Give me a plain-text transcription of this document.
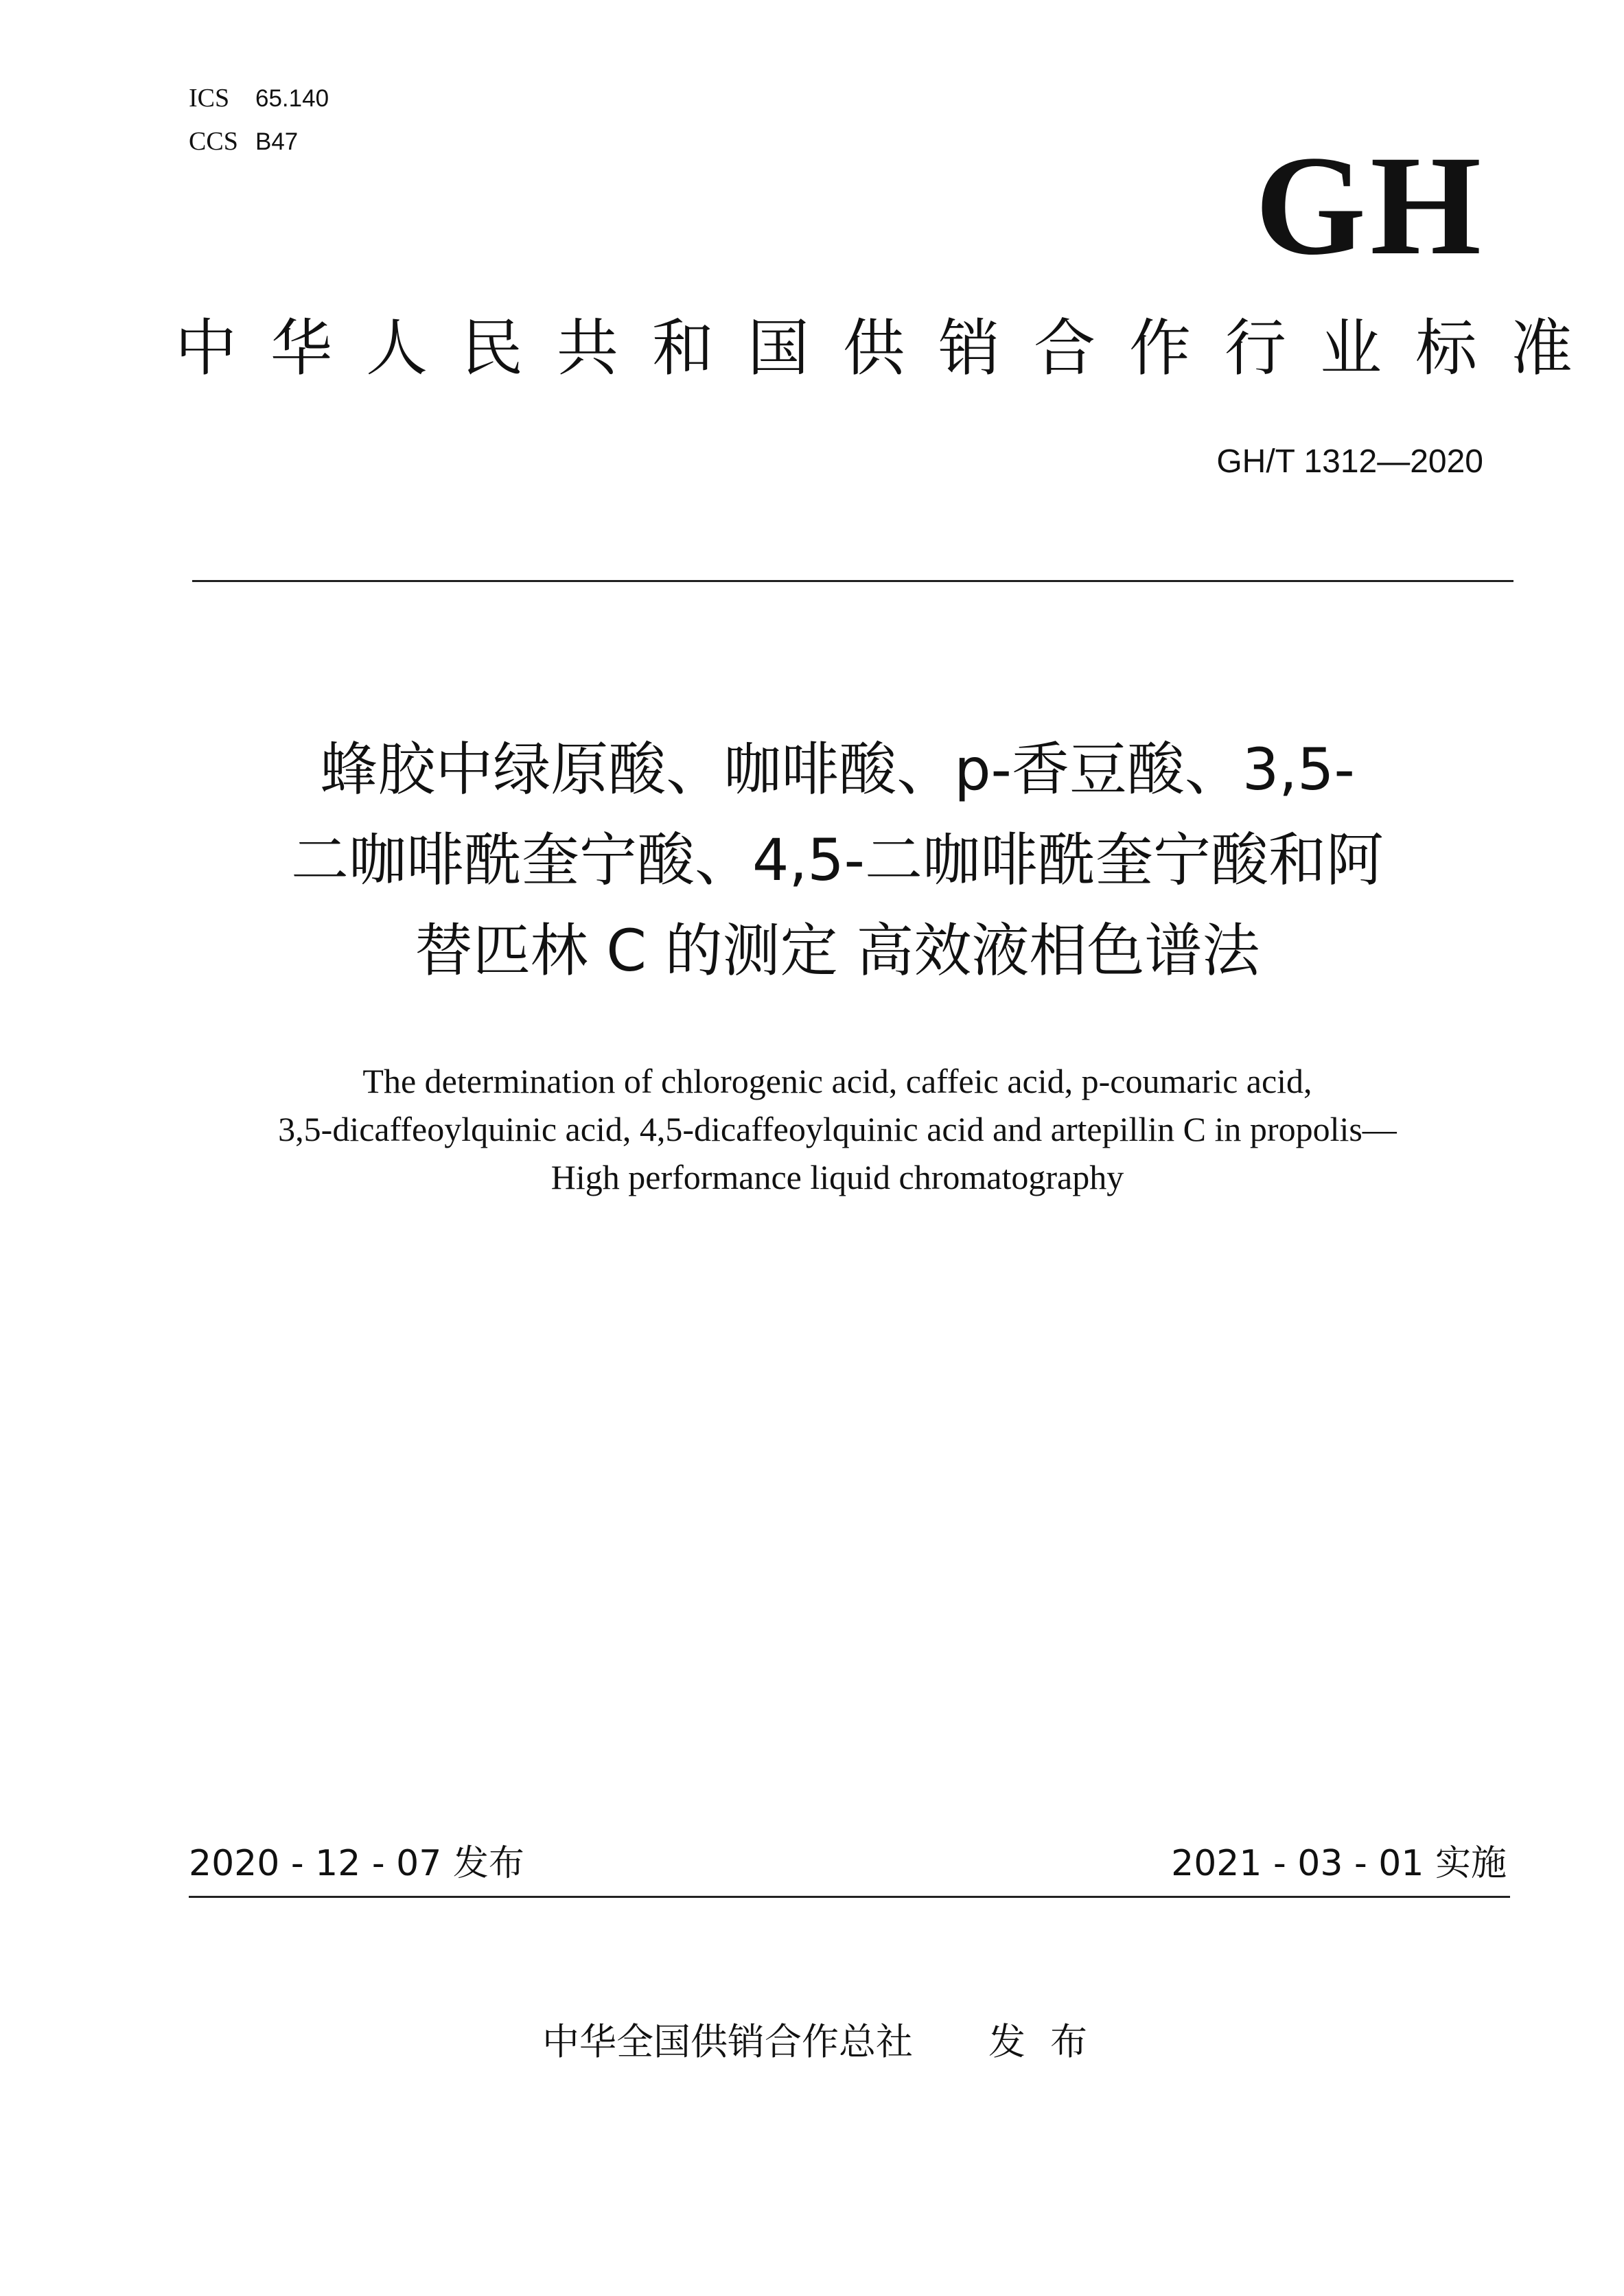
ICS	65.140
CCS B47	GH
中华人民共和国供销合作行业标准
GH/T 1312—2020
蜂胶中绿原酸、咖啡酸、p-香豆酸、3,5-
二咖啡酰奎宁酸、4,5-二咖啡酰奎宁酸和阿
替匹林 C 的测定 高效液相色谱法
The determination of chlorogenic acid, caffeic acid, p-coumaric acid,
3,5-dicaffeoylquinic acid, 4,5-dicaffeoylquinic acid and artepillin C in propolis—
High performance liquid chromatography
2020 - 12 - 07 发布	2021 - 03 - 01 实施
中华全国供销合作总社 发布
